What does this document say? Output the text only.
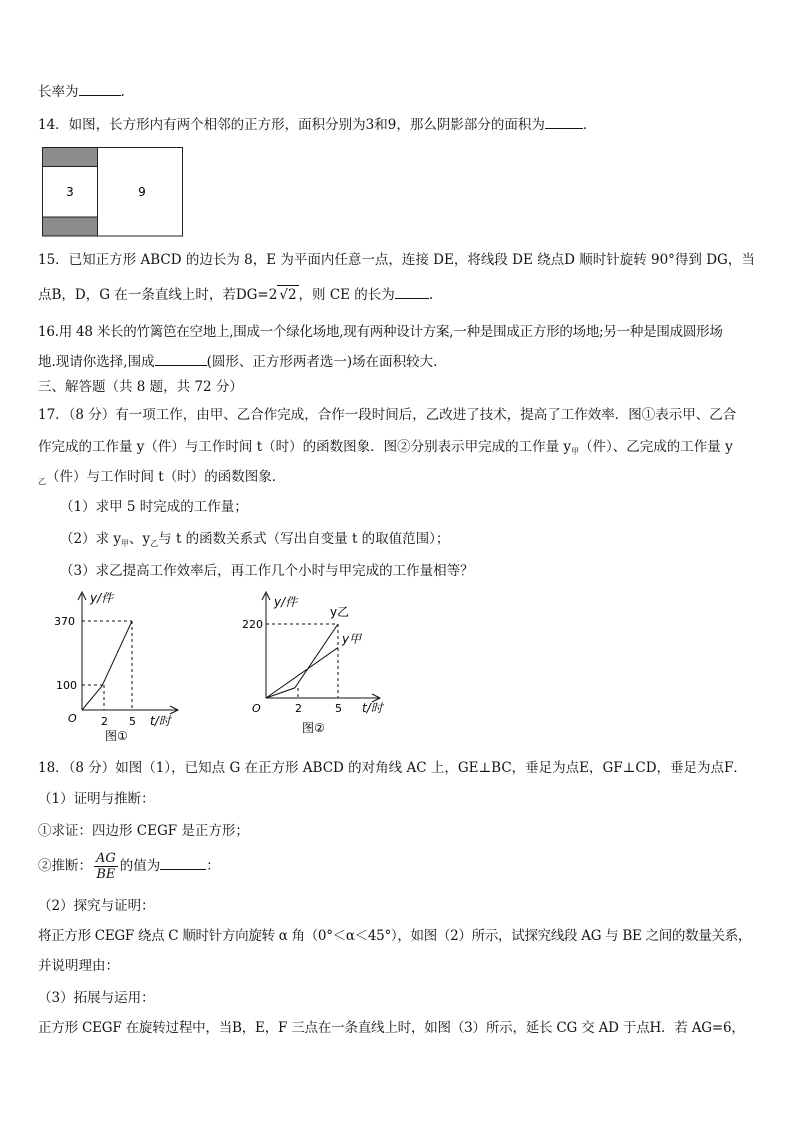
长率为	.
14．如图，长方形内有两个相邻的正方形，面积分别为3和9，那么阴影部分的面积为	．
3	9
15．已知正方形 ABCD 的边长为 8，E 为平面内任意一点，连接 DE，将线段 DE 绕点D 顺时针旋转 90°得到 DG，当
点B，D，G 在一条直线上时，若DG=2 √2 ，则 CE 的长为	.
16.用 48 米长的竹篱笆在空地上,围成一个绿化场地,现有两种设计方案,一种是围成正方形的场地;另一种是围成圆形场
地.现请你选择,围成	(圆形、正方形两者选一)场在面积较大.
三、解答题（共 8 题，共 72 分）
17．（8 分）有一项工作，由甲、乙合作完成，合作一段时间后，乙改进了技术，提高了工作效率．图①表示甲、乙合
作完成的工作量 y（件）与工作时间 t（时）的函数图象．图②分别表示甲完成的工作量 $y_甲$（件）、乙完成的工作量 y
$_乙$（件）与工作时间 t（时）的函数图象．
（1）求甲 5 时完成的工作量；
（2）求 $y_甲$、$y_乙$与 t 的函数关系式（写出自变量 t 的取值范围）；
（3）求乙提高工作效率后，再工作几个小时与甲完成的工作量相等？
y/件
370
100
O 2 5 t/时
图①
y/件
220
y乙
y甲
O	2	5 t/时
图②
18．（8 分）如图（1），已知点 G 在正方形 ABCD 的对角线 AC 上，GE⊥BC，垂足为点E，GF⊥CD，垂足为点F．
（1）证明与推断：
①求证：四边形 CEGF 是正方形；
②推断： $\frac{AG}{BE}$ 的值为	：
（2）探究与证明：
将正方形 CEGF 绕点 C 顺时针方向旋转 α 角（0°＜α＜45°），如图（2）所示，试探究线段 AG 与 BE 之间的数量关系，
并说明理由：
（3）拓展与运用：
正方形 CEGF 在旋转过程中，当B，E，F 三点在一条直线上时，如图（3）所示，延长 CG 交 AD 于点H．若 AG=6，
